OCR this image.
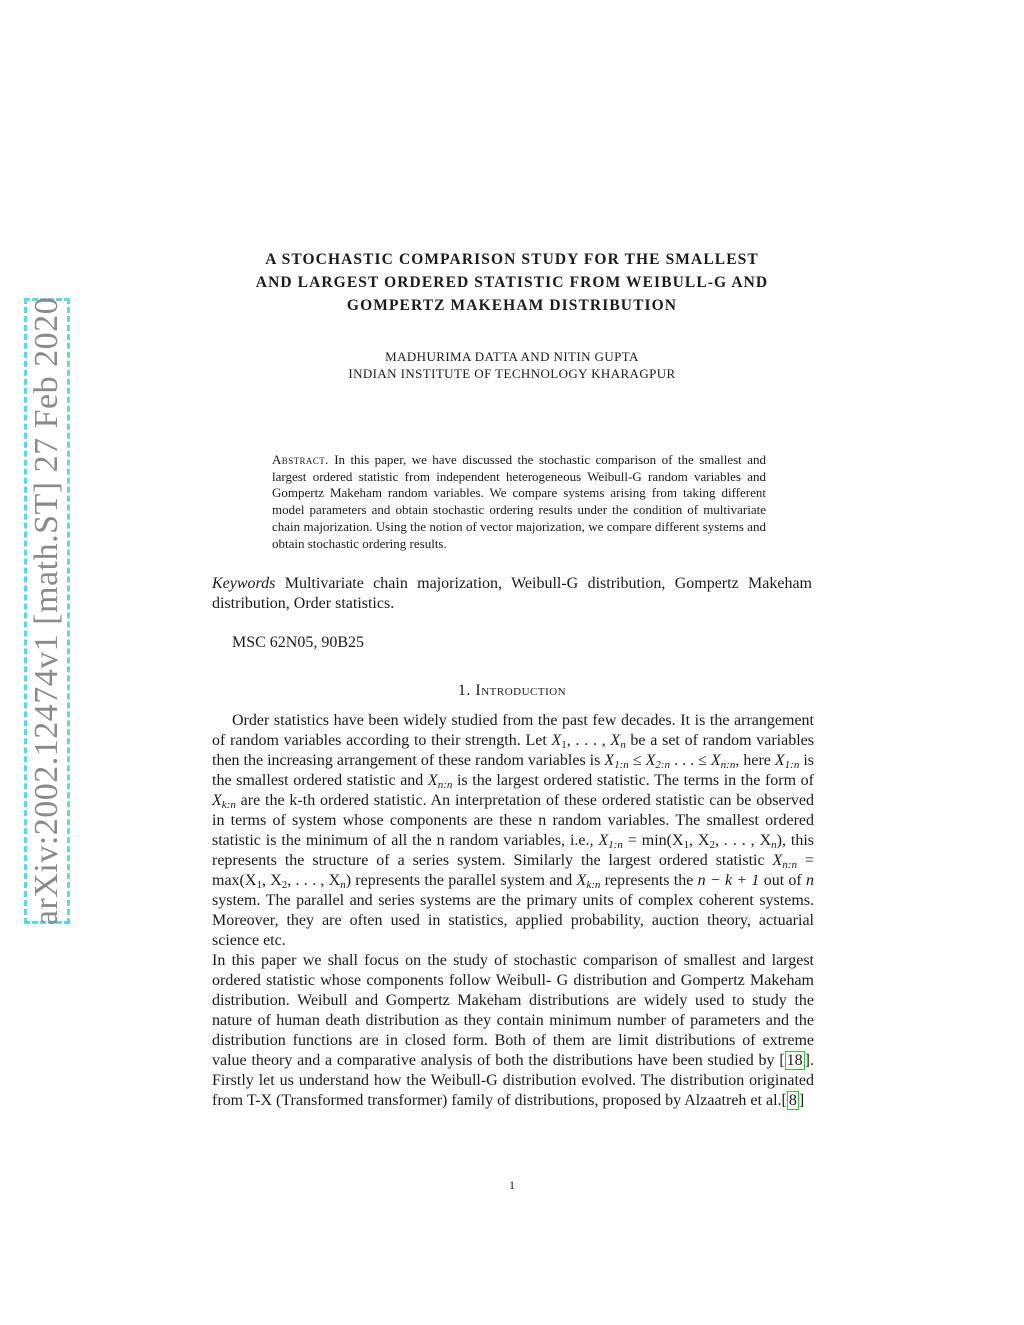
arXiv:2002.12474v1 [math.ST] 27 Feb 2020
A STOCHASTIC COMPARISON STUDY FOR THE SMALLEST
AND LARGEST ORDERED STATISTIC FROM WEIBULL-G AND
GOMPERTZ MAKEHAM DISTRIBUTION
MADHURIMA DATTA AND NITIN GUPTA
INDIAN INSTITUTE OF TECHNOLOGY KHARAGPUR
Abstract. In this paper, we have discussed the stochastic comparison of the smallest and largest ordered statistic from independent heterogeneous Weibull-G random variables and Gompertz Makeham random variables. We compare systems arising from taking different model parameters and obtain stochastic ordering results under the condition of multivariate chain majorization. Using the notion of vector majorization, we compare different systems and obtain stochastic ordering results.
Keywords Multivariate chain majorization, Weibull-G distribution, Gompertz Makeham distribution, Order statistics.
MSC 62N05, 90B25
1. Introduction

Order statistics have been widely studied from the past few decades. It is the arrangement of random variables according to their strength. Let $X_1$, . . . , $X_n$ be a set of random variables then the increasing arrangement of these random variables is $X_{1:n} \le X_{2:n}$ . . . ≤ $X_{n:n}$, here $X_{1:n}$ is the smallest ordered statistic and $X_{n:n}$ is the largest ordered statistic. The terms in the form of $X_{k:n}$ are the k-th ordered statistic. An interpretation of these ordered statistic can be observed in terms of system whose components are these n random variables. The smallest ordered statistic is the minimum of all the n random variables, i.e., $X_{1:n} = \min(X_1$, $X_2$, . . . , $X_n$), this represents the structure of a series system. Similarly the largest ordered statistic $X_{n:n} = \max(X_1$, $X_2$, . . . , $X_n$) represents the parallel system and $X_{k:n}$ represents the n − k + 1 out of n system. The parallel and series systems are the primary units of complex coherent systems. Moreover, they are often used in statistics, applied probability, auction theory, actuarial science etc.

In this paper we shall focus on the study of stochastic comparison of smallest and largest ordered statistic whose components follow Weibull- G distribution and Gompertz Makeham distribution. Weibull and Gompertz Makeham distributions are widely used to study the nature of human death distribution as they contain minimum number of parameters and the distribution functions are in closed form. Both of them are limit distributions of extreme value theory and a comparative analysis of both the distributions have been studied by [ 18 ]. Firstly let us understand how the Weibull-G distribution evolved. The distribution originated from T-X (Transformed transformer) family of distributions, proposed by Alzaatreh et al.[ 8 ]

1
